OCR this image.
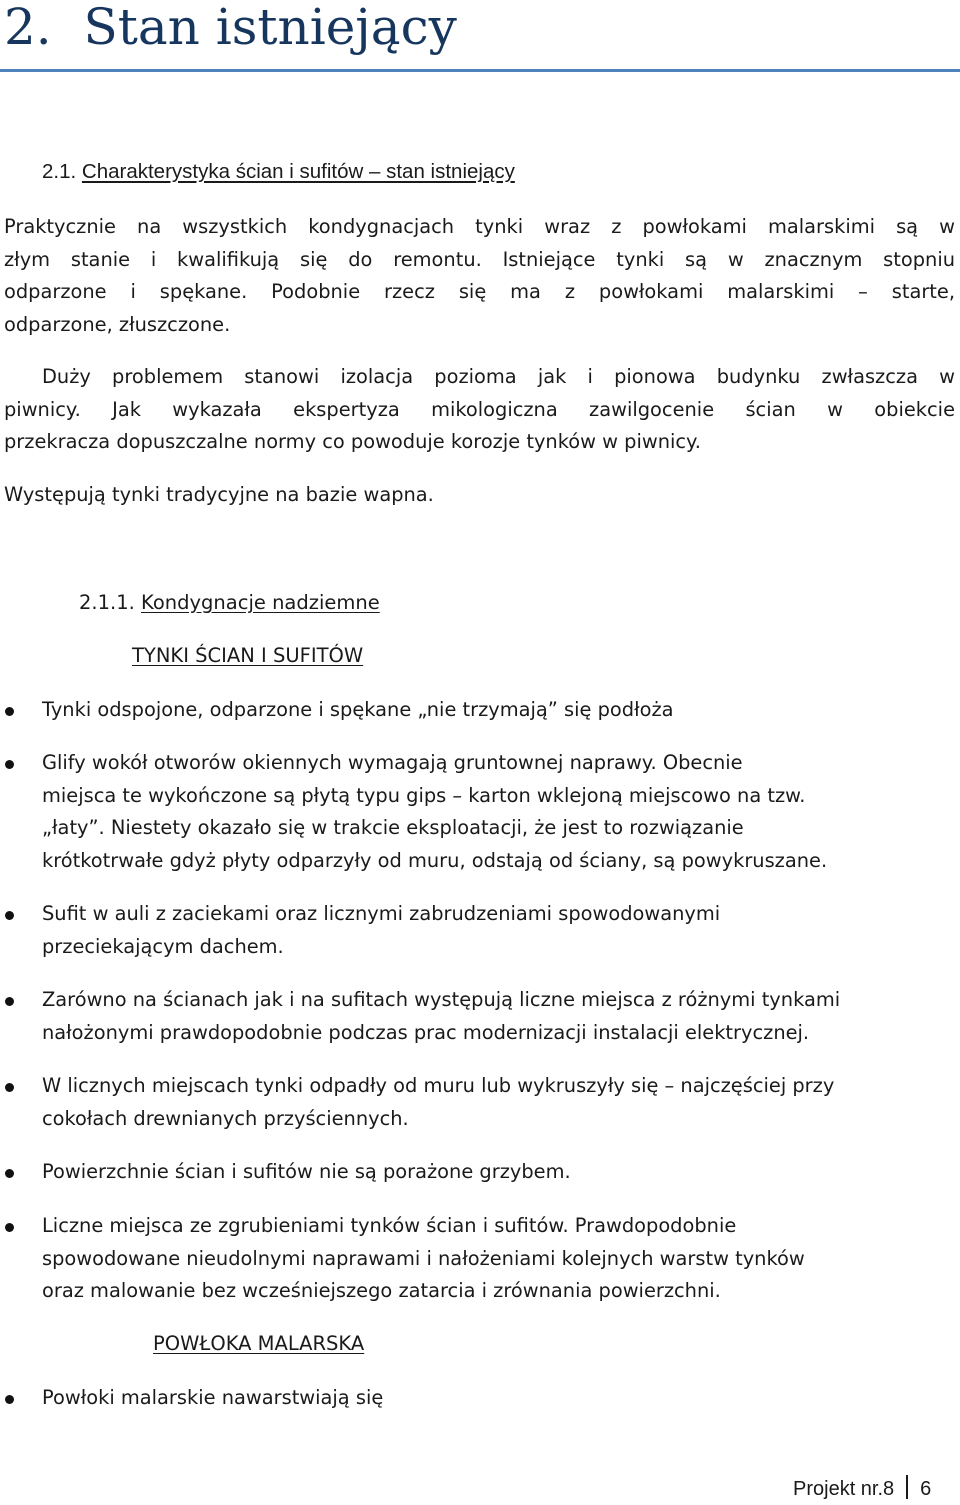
2. Stan istniejący
2.1. Charakterystyka ścian i sufitów – stan istniejący
Praktycznie na wszystkich kondygnacjach tynki wraz z powłokami malarskimi są w
złym stanie i kwalifikują się do remontu. Istniejące tynki są w znacznym stopniu
odparzone i spękane. Podobnie rzecz się ma z powłokami malarskimi – starte,
odparzone, złuszczone.
Duży problemem stanowi izolacja pozioma jak i pionowa budynku zwłaszcza w
piwnicy. Jak wykazała ekspertyza mikologiczna zawilgocenie ścian w obiekcie
przekracza dopuszczalne normy co powoduje korozje tynków w piwnicy.
Występują tynki tradycyjne na bazie wapna.
2.1.1. Kondygnacje nadziemne
TYNKI ŚCIAN I SUFITÓW
Tynki odspojone, odparzone i spękane „nie trzymają” się podłoża
Glify wokół otworów okiennych wymagają gruntownej naprawy. Obecnie
miejsca te wykończone są płytą typu gips – karton wklejoną miejscowo na tzw.
„łaty”. Niestety okazało się w trakcie eksploatacji, że jest to rozwiązanie
krótkotrwałe gdyż płyty odparzyły od muru, odstają od ściany, są powykruszane.
Sufit w auli z zaciekami oraz licznymi zabrudzeniami spowodowanymi
przeciekającym dachem.
Zarówno na ścianach jak i na sufitach występują liczne miejsca z różnymi tynkami
nałożonymi prawdopodobnie podczas prac modernizacji instalacji elektrycznej.
W licznych miejscach tynki odpadły od muru lub wykruszyły się – najczęściej przy
cokołach drewnianych przyściennych.
Powierzchnie ścian i sufitów nie są porażone grzybem.
Liczne miejsca ze zgrubieniami tynków ścian i sufitów. Prawdopodobnie
spowodowane nieudolnymi naprawami i nałożeniami kolejnych warstw tynków
oraz malowanie bez wcześniejszego zatarcia i zrównania powierzchni.
POWŁOKA MALARSKA
Powłoki malarskie nawarstwiają się
Projekt nr.8 6
